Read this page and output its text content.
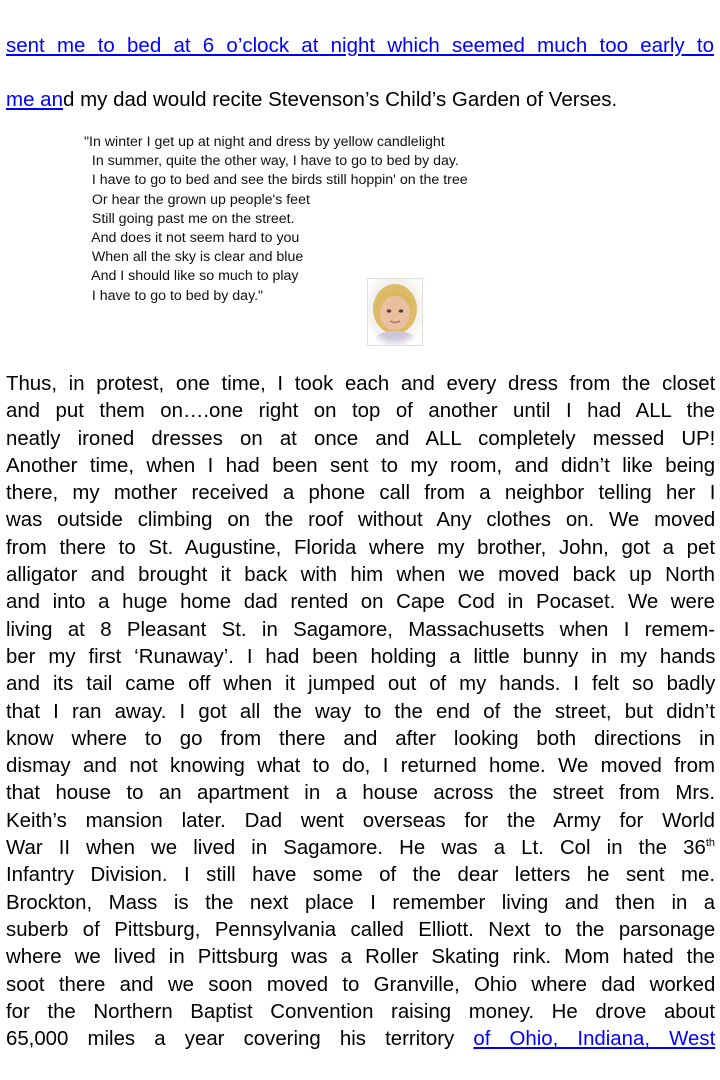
sent me to bed at 6 o’clock at night which seemed much too early to
me and my dad would recite Stevenson’s Child’s Garden of Verses.
"In winter I get up at night and dress by yellow candlelight
In summer, quite the other way, I have to go to bed by day.
I have to go to bed and see the birds still hoppin' on the tree
Or hear the grown up people's feet
Still going past me on the street.
And does it not seem hard to you
When all the sky is clear and blue
And I should like so much to play
I have to go to bed by day."
Thus, in protest, one time, I took each and every dress from the closet
and put them on….one right on top of another until I had ALL the
neatly ironed dresses on at once and ALL completely messed UP!
Another time, when I had been sent to my room, and didn’t like being
there, my mother received a phone call from a neighbor telling her I
was outside climbing on the roof without Any clothes on. We moved
from there to St. Augustine, Florida where my brother, John, got a pet
alligator and brought it back with him when we moved back up North
and into a huge home dad rented on Cape Cod in Pocaset. We were
living at 8 Pleasant St. in Sagamore, Massachusetts when I remem-
ber my first ‘Runaway’. I had been holding a little bunny in my hands
and its tail came off when it jumped out of my hands. I felt so badly
that I ran away. I got all the way to the end of the street, but didn’t
know where to go from there and after looking both directions in
dismay and not knowing what to do, I returned home. We moved from
that house to an apartment in a house across the street from Mrs.
Keith’s mansion later. Dad went overseas for the Army for World
War II when we lived in Sagamore. He was a Lt. Col in the 36th
Infantry Division. I still have some of the dear letters he sent me.
Brockton, Mass is the next place I remember living and then in a
suberb of Pittsburg, Pennsylvania called Elliott. Next to the parsonage
where we lived in Pittsburg was a Roller Skating rink. Mom hated the
soot there and we soon moved to Granville, Ohio where dad worked
for the Northern Baptist Convention raising money. He drove about
65,000 miles a year covering his territory of Ohio, Indiana, West
